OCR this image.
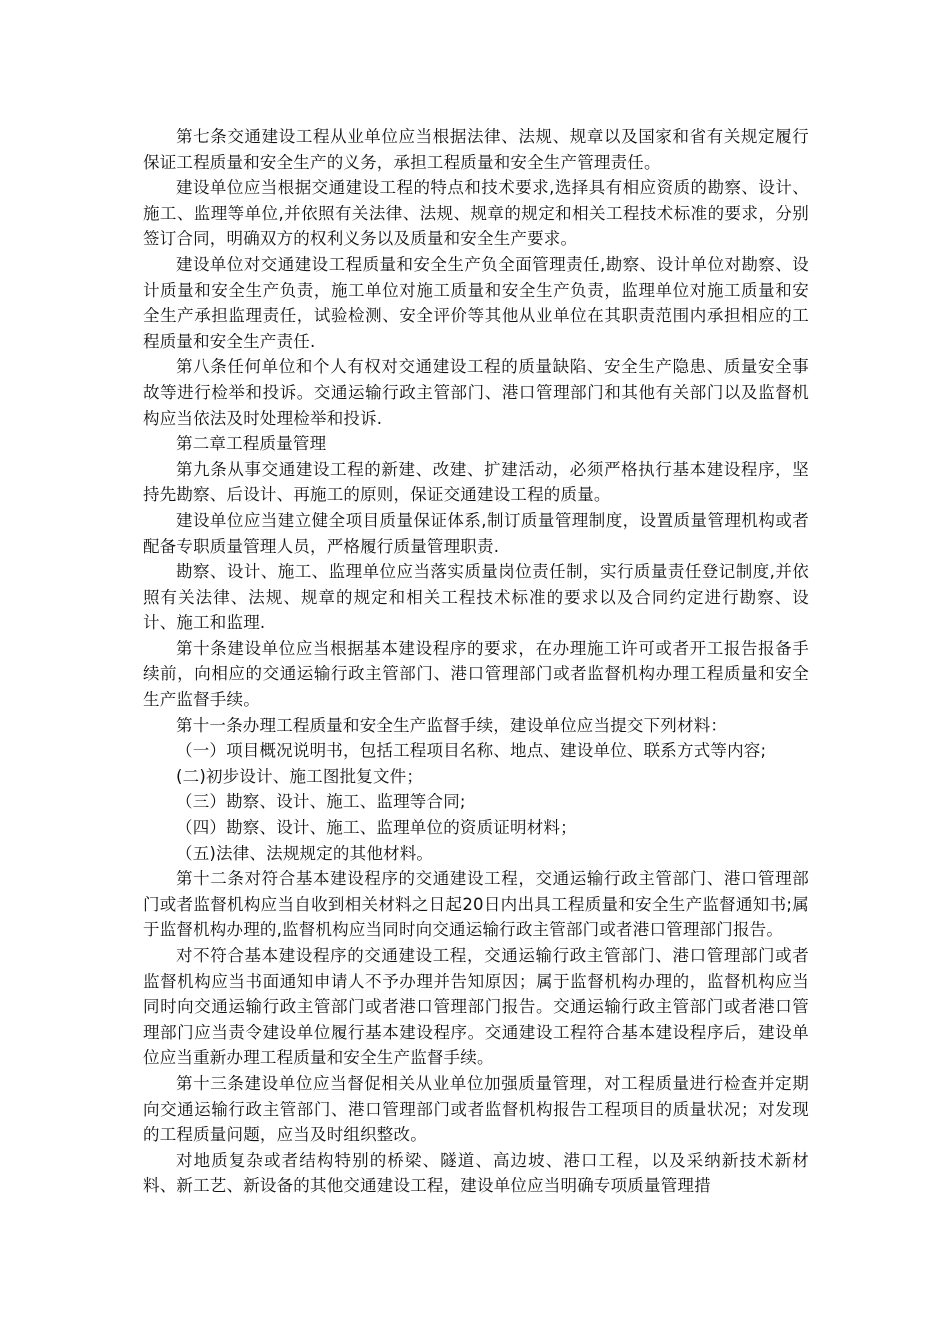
第七条交通建设工程从业单位应当根据法律、法规、规章以及国家和省有关规定履行保证工程质量和安全生产的义务，承担工程质量和安全生产管理责任。

建设单位应当根据交通建设工程的特点和技术要求,选择具有相应资质的勘察、设计、施工、监理等单位,并依照有关法律、法规、规章的规定和相关工程技术标准的要求，分别签订合同，明确双方的权利义务以及质量和安全生产要求。

建设单位对交通建设工程质量和安全生产负全面管理责任,勘察、设计单位对勘察、设计质量和安全生产负责，施工单位对施工质量和安全生产负责，监理单位对施工质量和安全生产承担监理责任，试验检测、安全评价等其他从业单位在其职责范围内承担相应的工程质量和安全生产责任.

第八条任何单位和个人有权对交通建设工程的质量缺陷、安全生产隐患、质量安全事故等进行检举和投诉。交通运输行政主管部门、港口管理部门和其他有关部门以及监督机构应当依法及时处理检举和投诉.

第二章工程质量管理

第九条从事交通建设工程的新建、改建、扩建活动，必须严格执行基本建设程序，坚持先勘察、后设计、再施工的原则，保证交通建设工程的质量。

建设单位应当建立健全项目质量保证体系,制订质量管理制度，设置质量管理机构或者配备专职质量管理人员，严格履行质量管理职责.

勘察、设计、施工、监理单位应当落实质量岗位责任制，实行质量责任登记制度,并依照有关法律、法规、规章的规定和相关工程技术标准的要求以及合同约定进行勘察、设计、施工和监理.

第十条建设单位应当根据基本建设程序的要求，在办理施工许可或者开工报告报备手续前，向相应的交通运输行政主管部门、港口管理部门或者监督机构办理工程质量和安全生产监督手续。

第十一条办理工程质量和安全生产监督手续，建设单位应当提交下列材料：

（一）项目概况说明书，包括工程项目名称、地点、建设单位、联系方式等内容;

(二)初步设计、施工图批复文件；

（三）勘察、设计、施工、监理等合同;

（四）勘察、设计、施工、监理单位的资质证明材料；

（五)法律、法规规定的其他材料。

第十二条对符合基本建设程序的交通建设工程，交通运输行政主管部门、港口管理部门或者监督机构应当自收到相关材料之日起20日内出具工程质量和安全生产监督通知书;属于监督机构办理的,监督机构应当同时向交通运输行政主管部门或者港口管理部门报告。

对不符合基本建设程序的交通建设工程，交通运输行政主管部门、港口管理部门或者监督机构应当书面通知申请人不予办理并告知原因；属于监督机构办理的，监督机构应当同时向交通运输行政主管部门或者港口管理部门报告。交通运输行政主管部门或者港口管理部门应当责令建设单位履行基本建设程序。交通建设工程符合基本建设程序后，建设单位应当重新办理工程质量和安全生产监督手续。

第十三条建设单位应当督促相关从业单位加强质量管理，对工程质量进行检查并定期向交通运输行政主管部门、港口管理部门或者监督机构报告工程项目的质量状况；对发现的工程质量问题，应当及时组织整改。

对地质复杂或者结构特别的桥梁、隧道、高边坡、港口工程，以及采纳新技术新材料、新工艺、新设备的其他交通建设工程，建设单位应当明确专项质量管理措
